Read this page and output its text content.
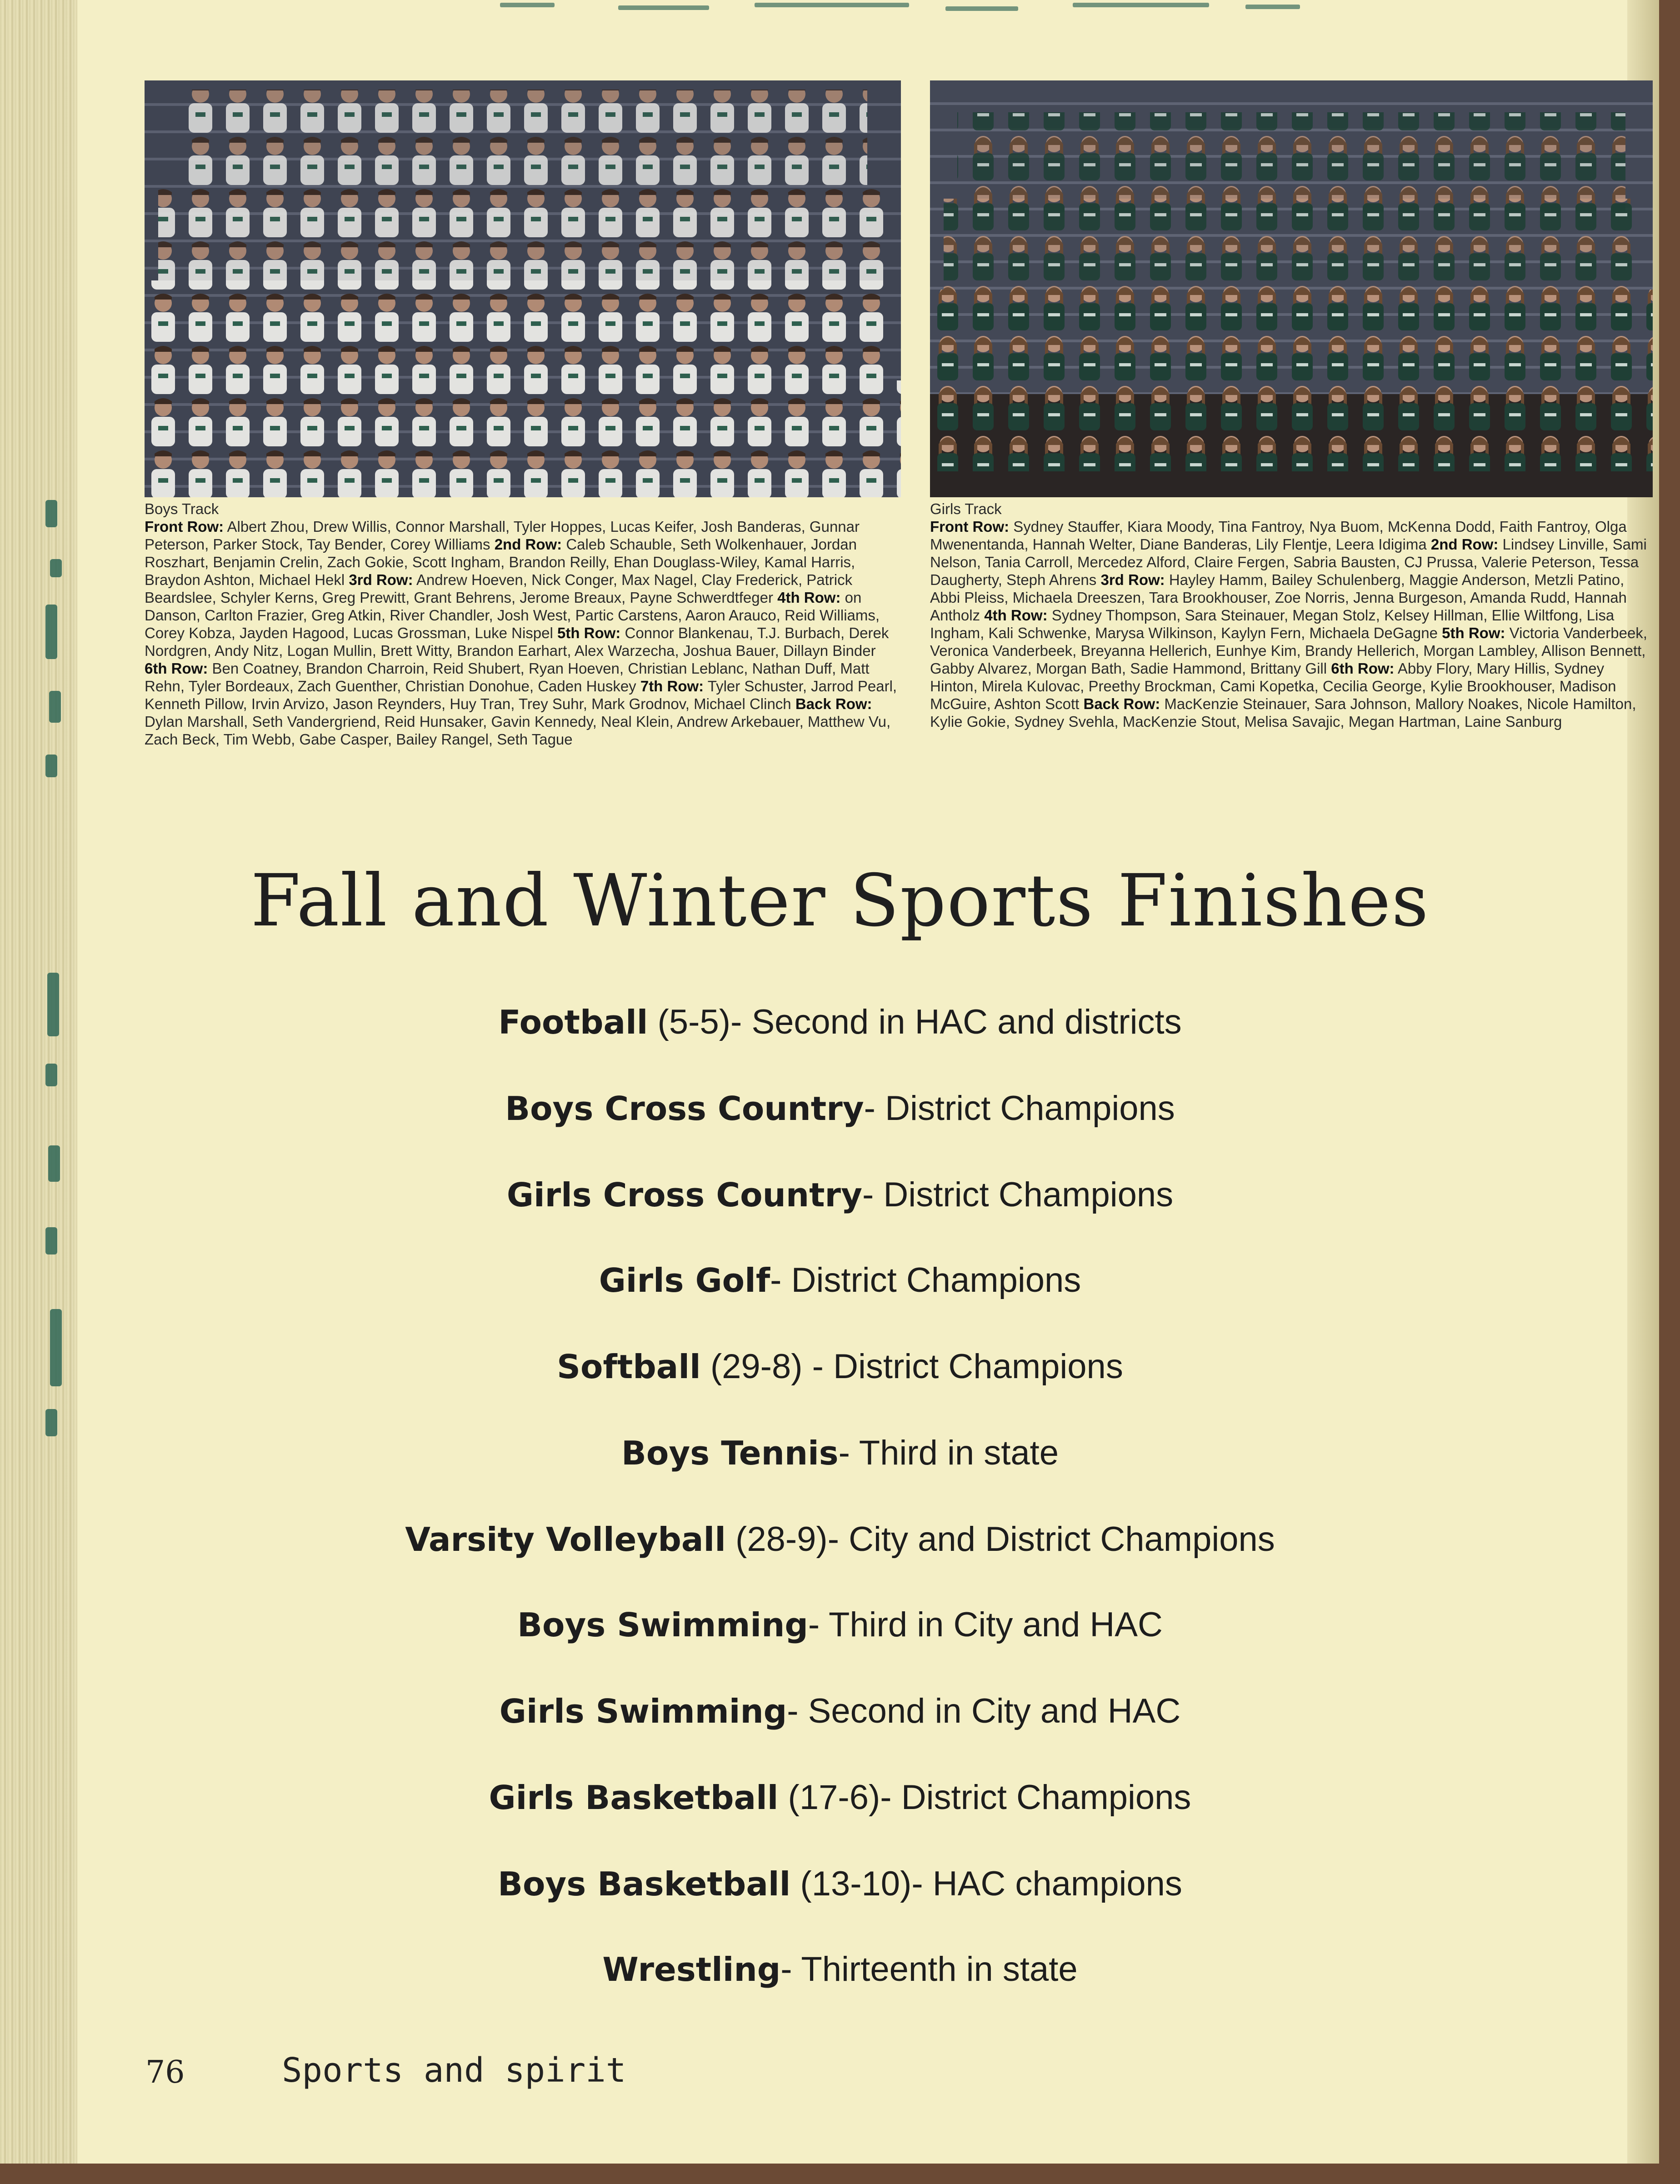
Boys Track
Front Row: Albert Zhou, Drew Willis, Connor Marshall, Tyler Hoppes, Lucas Keifer, Josh Banderas, Gunnar Peterson, Parker Stock, Tay Bender, Corey Williams 2nd Row: Caleb Schauble, Seth Wolkenhauer, Jordan Roszhart, Benjamin Crelin, Zach Gokie, Scott Ingham, Brandon Reilly, Ehan Douglass-Wiley, Kamal Harris, Braydon Ashton, Michael Hekl 3rd Row: Andrew Hoeven, Nick Conger, Max Nagel, Clay Frederick, Patrick Beardslee, Schyler Kerns, Greg Prewitt, Grant Behrens, Jerome Breaux, Payne Schwerdtfeger 4th Row: on Danson, Carlton Frazier, Greg Atkin, River Chandler, Josh West, Partic Carstens, Aaron Arauco, Reid Williams, Corey Kobza, Jayden Hagood, Lucas Grossman, Luke Nispel 5th Row: Connor Blankenau, T.J. Burbach, Derek Nordgren, Andy Nitz, Logan Mullin, Brett Witty, Brandon Earhart, Alex Warzecha, Joshua Bauer, Dillayn Binder 6th Row: Ben Coatney, Brandon Charroin, Reid Shubert, Ryan Hoeven, Christian Leblanc, Nathan Duff, Matt Rehn, Tyler Bordeaux, Zach Guenther, Christian Donohue, Caden Huskey 7th Row: Tyler Schuster, Jarrod Pearl, Kenneth Pillow, Irvin Arvizo, Jason Reynders, Huy Tran, Trey Suhr, Mark Grodnov, Michael Clinch Back Row: Dylan Marshall, Seth Vandergriend, Reid Hunsaker, Gavin Kennedy, Neal Klein, Andrew Arkebauer, Matthew Vu, Zach Beck, Tim Webb, Gabe Casper, Bailey Rangel, Seth Tague
Girls Track
Front Row: Sydney Stauffer, Kiara Moody, Tina Fantroy, Nya Buom, McKenna Dodd, Faith Fantroy, Olga Mwenentanda, Hannah Welter, Diane Banderas, Lily Flentje, Leera Idigima 2nd Row: Lindsey Linville, Sami Nelson, Tania Carroll, Mercedez Alford, Claire Fergen, Sabria Bausten, CJ Prussa, Valerie Peterson, Tessa Daugherty, Steph Ahrens 3rd Row: Hayley Hamm, Bailey Schulenberg, Maggie Anderson, Metzli Patino, Abbi Pleiss, Michaela Dreeszen, Tara Brookhouser, Zoe Norris, Jenna Burgeson, Amanda Rudd, Hannah Antholz 4th Row: Sydney Thompson, Sara Steinauer, Megan Stolz, Kelsey Hillman, Ellie Wiltfong, Lisa Ingham, Kali Schwenke, Marysa Wilkinson, Kaylyn Fern, Michaela DeGagne 5th Row: Victoria Vanderbeek, Veronica Vanderbeek, Breyanna Hellerich, Eunhye Kim, Brandy Hellerich, Morgan Lambley, Allison Bennett, Gabby Alvarez, Morgan Bath, Sadie Hammond, Brittany Gill 6th Row: Abby Flory, Mary Hillis, Sydney Hinton, Mirela Kulovac, Preethy Brockman, Cami Kopetka, Cecilia George, Kylie Brookhouser, Madison McGuire, Ashton Scott Back Row: MacKenzie Steinauer, Sara Johnson, Mallory Noakes, Nicole Hamilton, Kylie Gokie, Sydney Svehla, MacKenzie Stout, Melisa Savajic, Megan Hartman, Laine Sanburg
Fall and Winter Sports Finishes
Football (5-5)- Second in HAC and districts
Boys Cross Country- District Champions
Girls Cross Country- District Champions
Girls Golf- District Champions
Softball (29-8) - District Champions
Boys Tennis- Third in state
Varsity Volleyball (28-9)- City and District Champions
Boys Swimming- Third in City and HAC
Girls Swimming- Second in City and HAC
Girls Basketball (17-6)- District Champions
Boys Basketball (13-10)- HAC champions
Wrestling- Thirteenth in state
76	Sports and spirit
